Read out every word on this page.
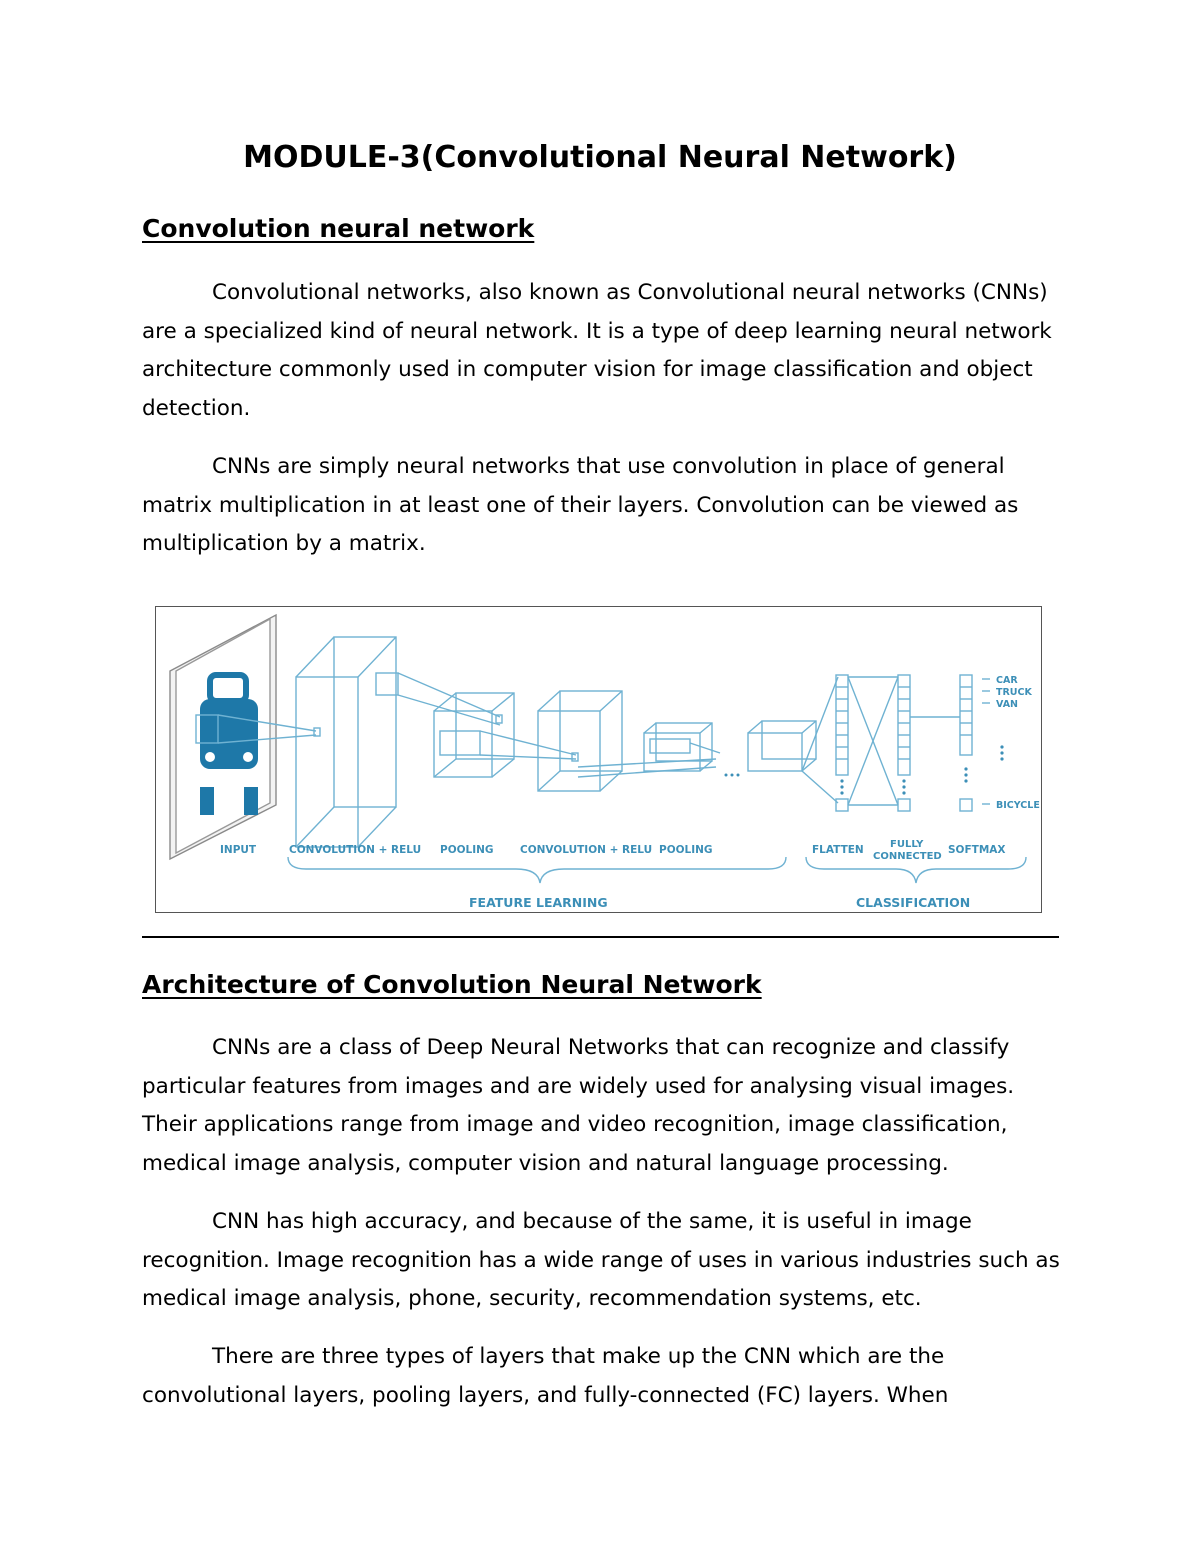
MODULE-3(Convolutional Neural Network)
Convolution neural network
Convolutional networks, also known as Convolutional neural networks (CNNs) are a specialized kind of neural network. It is a type of deep learning neural network architecture commonly used in computer vision for image classification and object detection.
CNNs are simply neural networks that use convolution in place of general matrix multiplication in at least one of their layers. Convolution can be viewed as multiplication by a matrix.
INPUT	CONVOLUTION + RELU POOLING	CONVOLUTION + RELU POOLING	FLATTEN	FULLY
CONNECTED
SOFTMAX
FEATURE LEARNING	CLASSIFICATION
CAR
TRUCK
VAN
BICYCLE
Architecture of Convolution Neural Network
CNNs are a class of Deep Neural Networks that can recognize and classify particular features from images and are widely used for analysing visual images. Their applications range from image and video recognition, image classification, medical image analysis, computer vision and natural language processing.
CNN has high accuracy, and because of the same, it is useful in image recognition. Image recognition has a wide range of uses in various industries such as medical image analysis, phone, security, recommendation systems, etc.
There are three types of layers that make up the CNN which are the convolutional layers, pooling layers, and fully-connected (FC) layers. When
